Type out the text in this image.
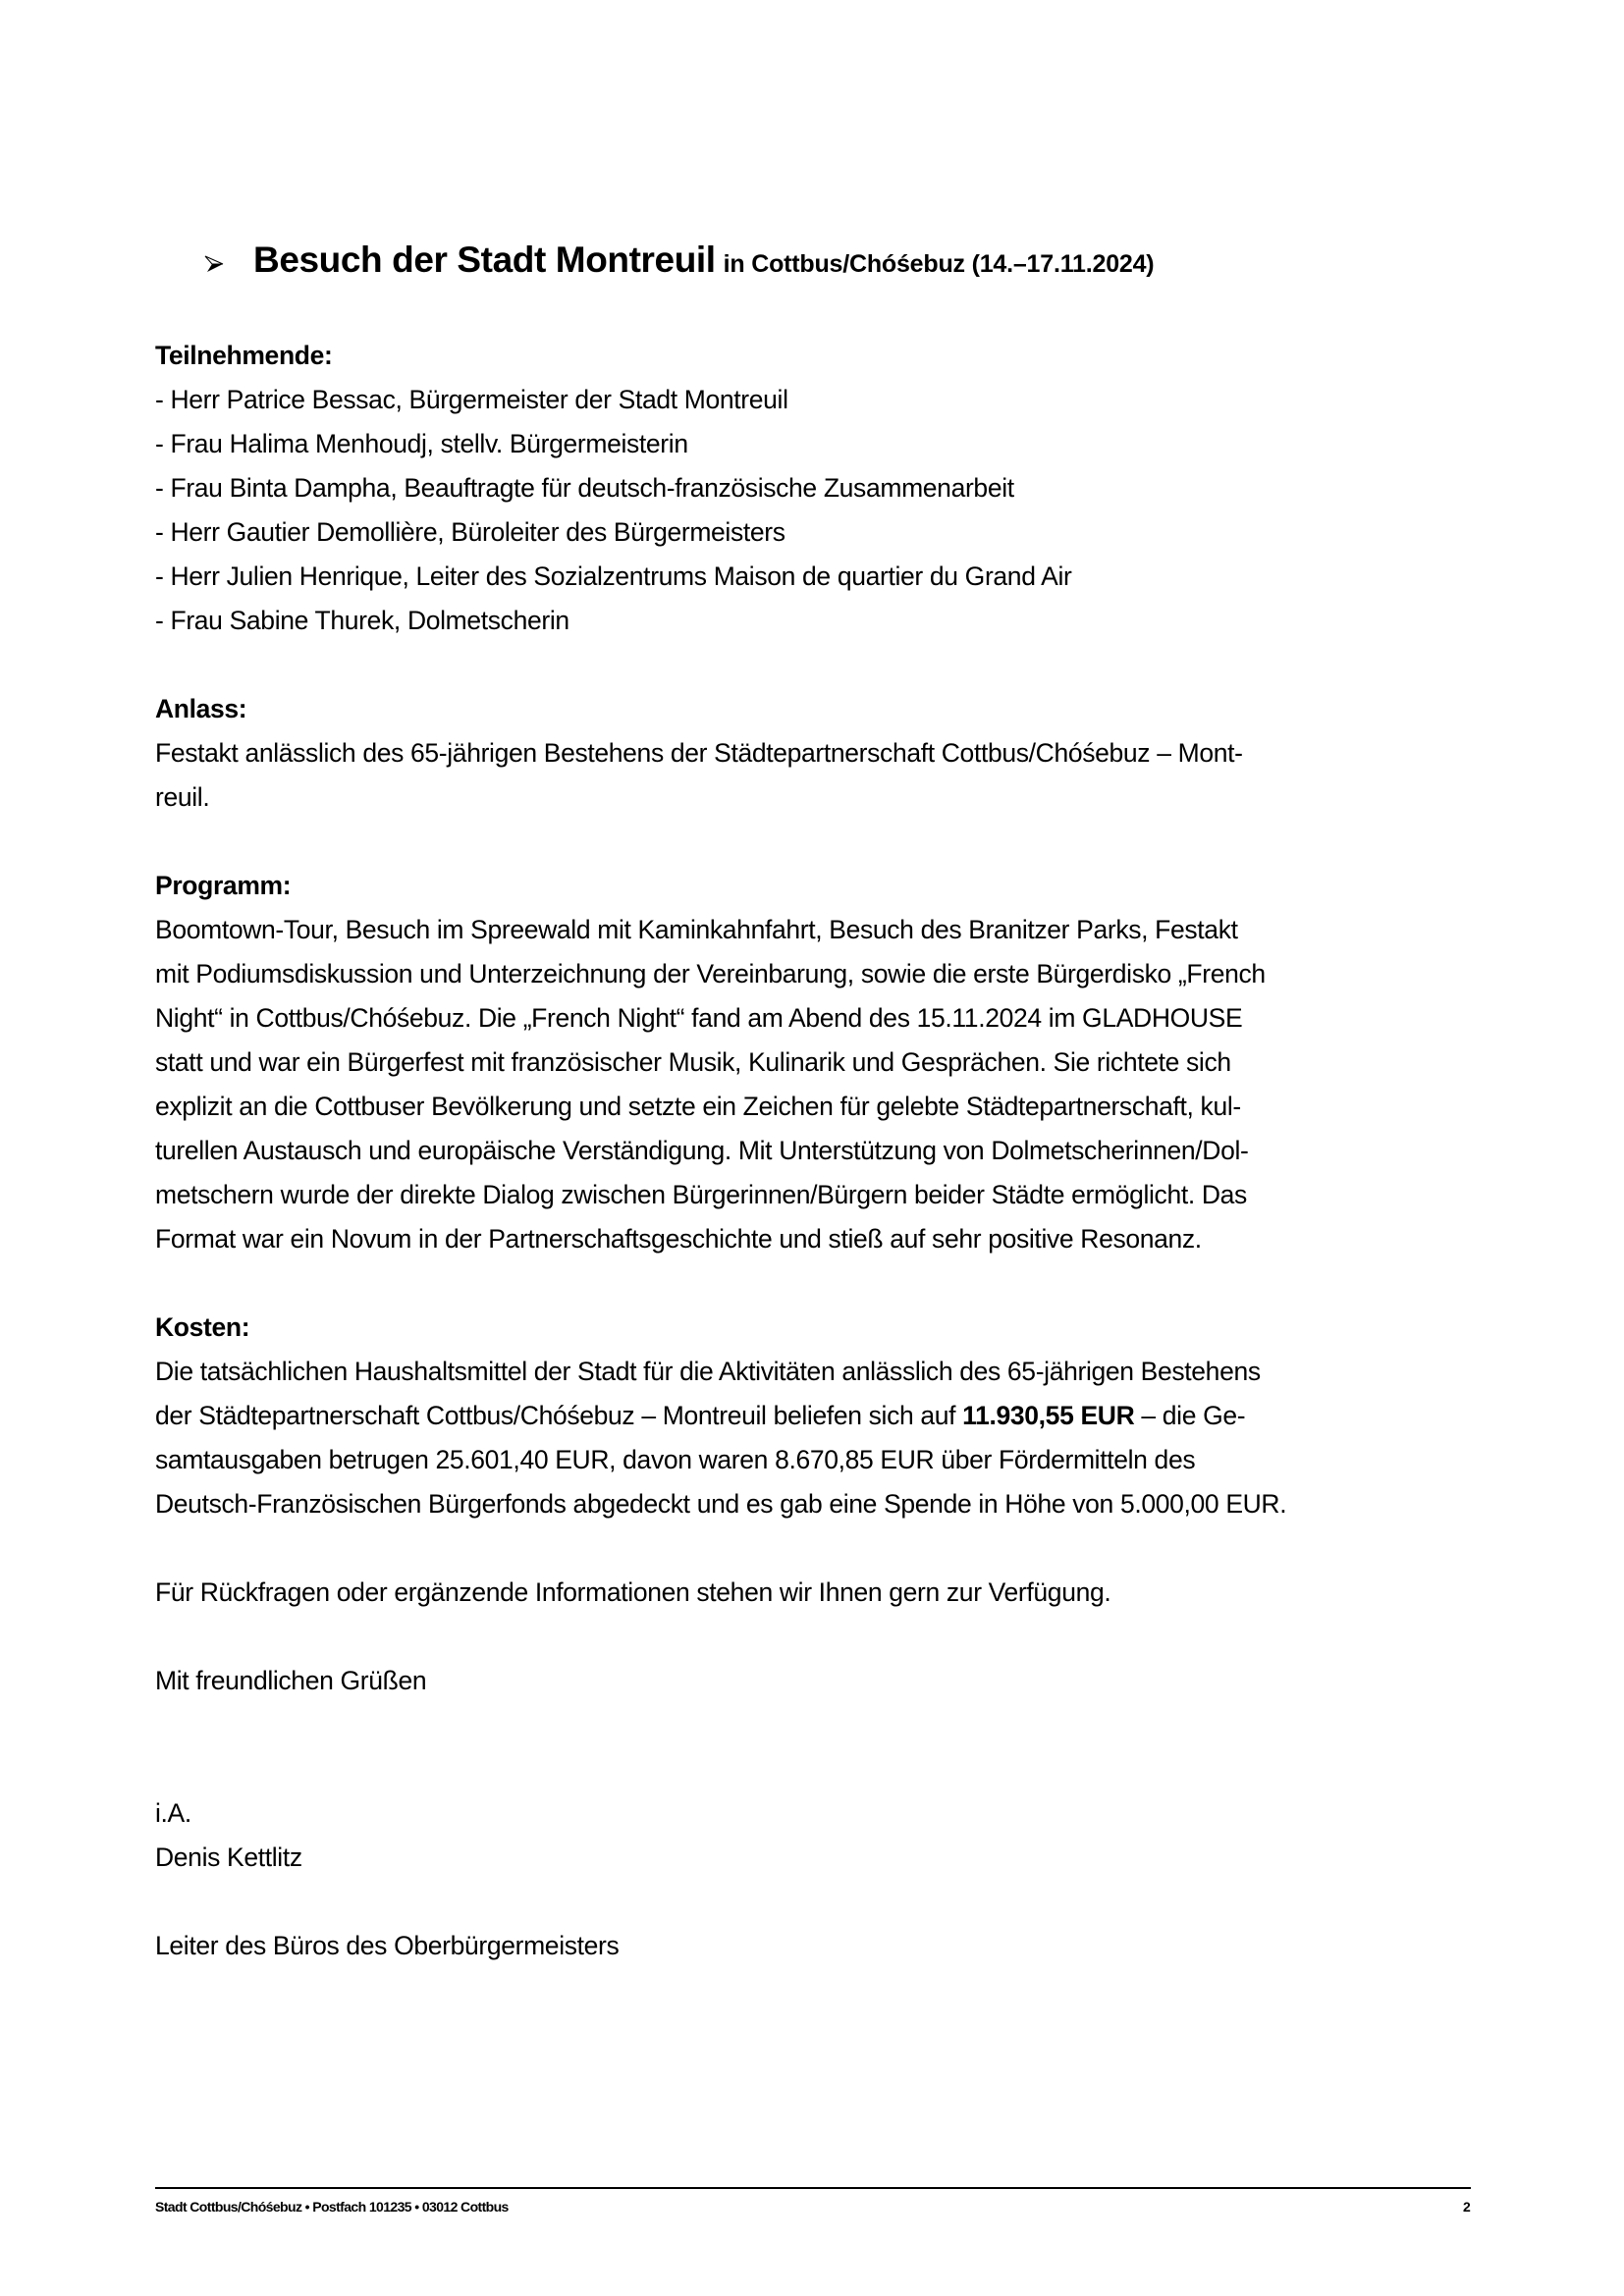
Besuch der Stadt Montreuil in Cottbus/Chóśebuz (14.–17.11.2024)
Teilnehmende:
- Herr Patrice Bessac, Bürgermeister der Stadt Montreuil
- Frau Halima Menhoudj, stellv. Bürgermeisterin
- Frau Binta Dampha, Beauftragte für deutsch-französische Zusammenarbeit
- Herr Gautier Demollière, Büroleiter des Bürgermeisters
- Herr Julien Henrique, Leiter des Sozialzentrums Maison de quartier du Grand Air
- Frau Sabine Thurek, Dolmetscherin
Anlass:
Festakt anlässlich des 65-jährigen Bestehens der Städtepartnerschaft Cottbus/Chóśebuz – Mont-
reuil.
Programm:
Boomtown-Tour, Besuch im Spreewald mit Kaminkahnfahrt, Besuch des Branitzer Parks, Festakt
mit Podiumsdiskussion und Unterzeichnung der Vereinbarung, sowie die erste Bürgerdisko „French
Night“ in Cottbus/Chóśebuz. Die „French Night“ fand am Abend des 15.11.2024 im GLADHOUSE
statt und war ein Bürgerfest mit französischer Musik, Kulinarik und Gesprächen. Sie richtete sich
explizit an die Cottbuser Bevölkerung und setzte ein Zeichen für gelebte Städtepartnerschaft, kul-
turellen Austausch und europäische Verständigung. Mit Unterstützung von Dolmetscherinnen/Dol-
metschern wurde der direkte Dialog zwischen Bürgerinnen/Bürgern beider Städte ermöglicht. Das
Format war ein Novum in der Partnerschaftsgeschichte und stieß auf sehr positive Resonanz.
Kosten:
Die tatsächlichen Haushaltsmittel der Stadt für die Aktivitäten anlässlich des 65-jährigen Bestehens
der Städtepartnerschaft Cottbus/Chóśebuz – Montreuil beliefen sich auf 11.930,55 EUR – die Ge-
samtausgaben betrugen 25.601,40 EUR, davon waren 8.670,85 EUR über Fördermitteln des
Deutsch-Französischen Bürgerfonds abgedeckt und es gab eine Spende in Höhe von 5.000,00 EUR.
Für Rückfragen oder ergänzende Informationen stehen wir Ihnen gern zur Verfügung.
Mit freundlichen Grüßen
i.A.
Denis Kettlitz
Leiter des Büros des Oberbürgermeisters
Stadt Cottbus/Chóśebuz • Postfach 101235 • 03012 Cottbus	2
